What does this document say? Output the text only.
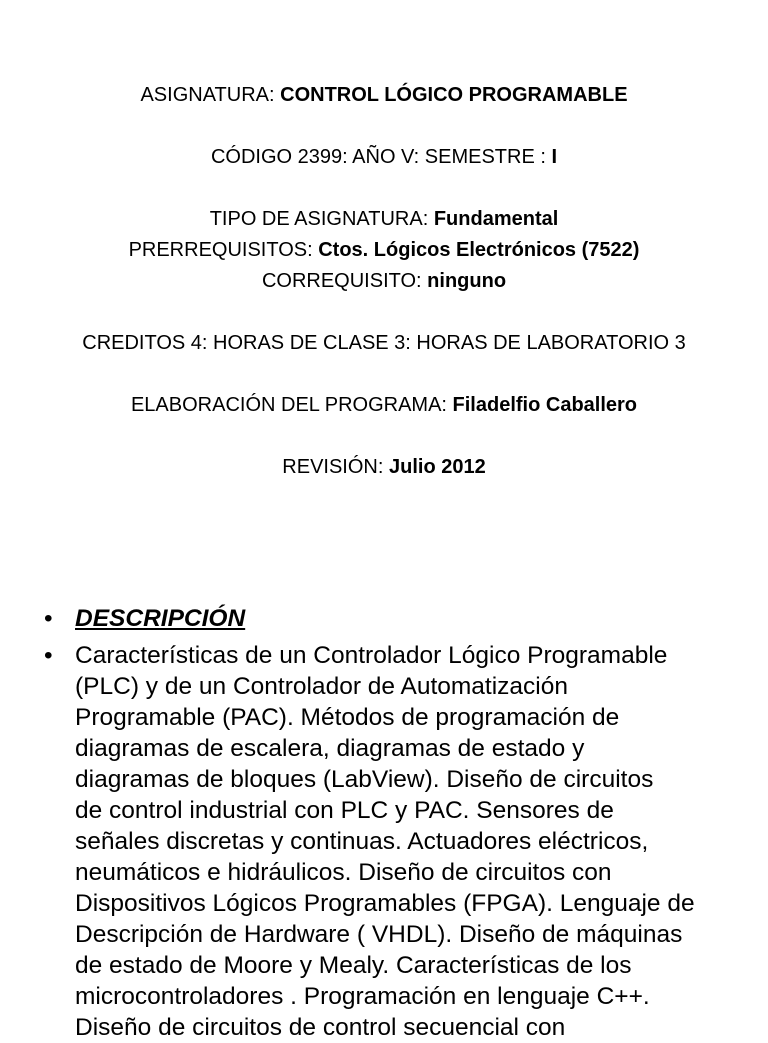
ASIGNATURA: CONTROL LÓGICO PROGRAMABLE
CÓDIGO 2399: AÑO V: SEMESTRE : I
TIPO DE ASIGNATURA: Fundamental
PRERREQUISITOS: Ctos. Lógicos Electrónicos (7522)
CORREQUISITO: ninguno
CREDITOS 4: HORAS DE CLASE 3: HORAS DE LABORATORIO 3
ELABORACIÓN DEL PROGRAMA: Filadelfio Caballero
REVISIÓN: Julio 2012
• DESCRIPCIÓN
• Características de un Controlador Lógico Programable
(PLC) y de un Controlador de Automatización
Programable (PAC). Métodos de programación de
diagramas de escalera, diagramas de estado y
diagramas de bloques (LabView). Diseño de circuitos
de control industrial con PLC y PAC. Sensores de
señales discretas y continuas. Actuadores eléctricos,
neumáticos e hidráulicos. Diseño de circuitos con
Dispositivos Lógicos Programables (FPGA). Lenguaje de
Descripción de Hardware ( VHDL). Diseño de máquinas
de estado de Moore y Mealy. Características de los
microcontroladores . Programación en lenguaje C++.
Diseño de circuitos de control secuencial con
